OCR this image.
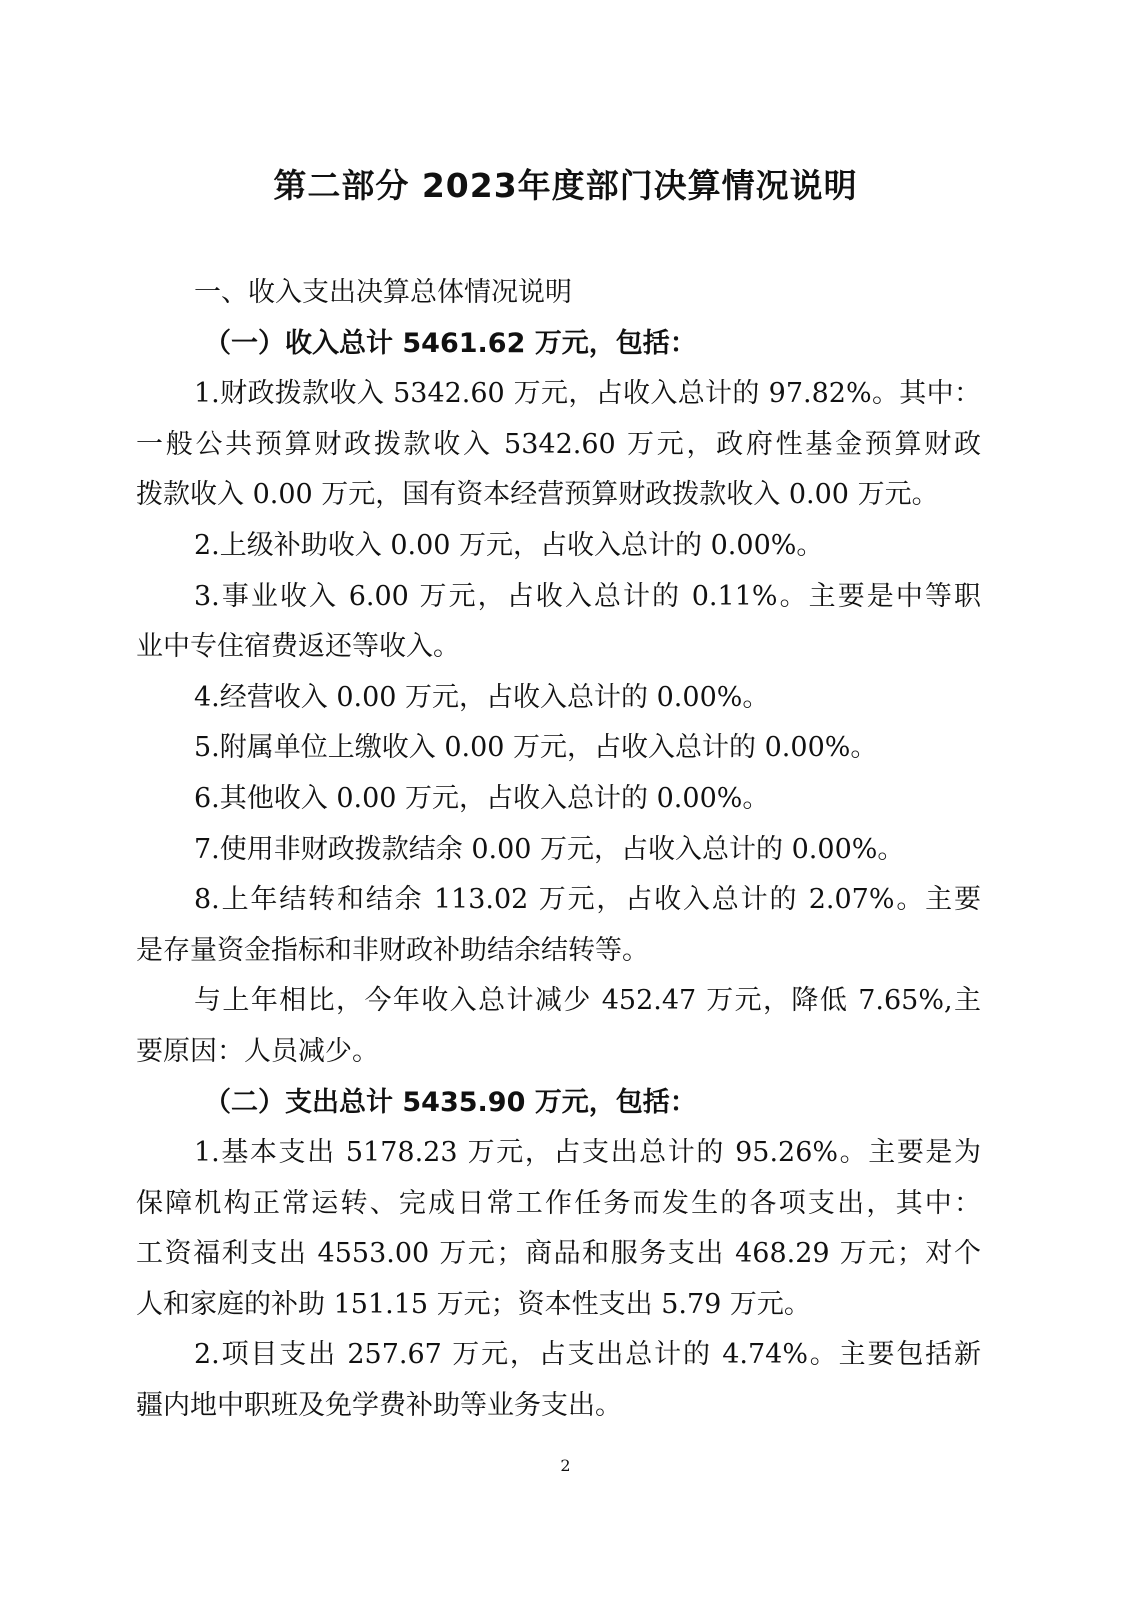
第二部分 2023年度部门决算情况说明
一、收入支出决算总体情况说明
（一）收入总计 5461.62 万元，包括：
1.财政拨款收入 5342.60 万元，占收入总计的 97.82%。其中：
一般公共预算财政拨款收入 5342.60 万元，政府性基金预算财政
拨款收入 0.00 万元，国有资本经营预算财政拨款收入 0.00 万元。
2.上级补助收入 0.00 万元，占收入总计的 0.00%。
3.事业收入 6.00 万元，占收入总计的 0.11%。主要是中等职
业中专住宿费返还等收入。
4.经营收入 0.00 万元，占收入总计的 0.00%。
5.附属单位上缴收入 0.00 万元，占收入总计的 0.00%。
6.其他收入 0.00 万元，占收入总计的 0.00%。
7.使用非财政拨款结余 0.00 万元，占收入总计的 0.00%。
8.上年结转和结余 113.02 万元，占收入总计的 2.07%。主要
是存量资金指标和非财政补助结余结转等。
与上年相比，今年收入总计减少 452.47 万元，降低 7.65%,主
要原因：人员减少。
（二）支出总计 5435.90 万元，包括：
1.基本支出 5178.23 万元，占支出总计的 95.26%。主要是为
保障机构正常运转、完成日常工作任务而发生的各项支出，其中：
工资福利支出 4553.00 万元；商品和服务支出 468.29 万元；对个
人和家庭的补助 151.15 万元；资本性支出 5.79 万元。
2.项目支出 257.67 万元，占支出总计的 4.74%。主要包括新
疆内地中职班及免学费补助等业务支出。
2
